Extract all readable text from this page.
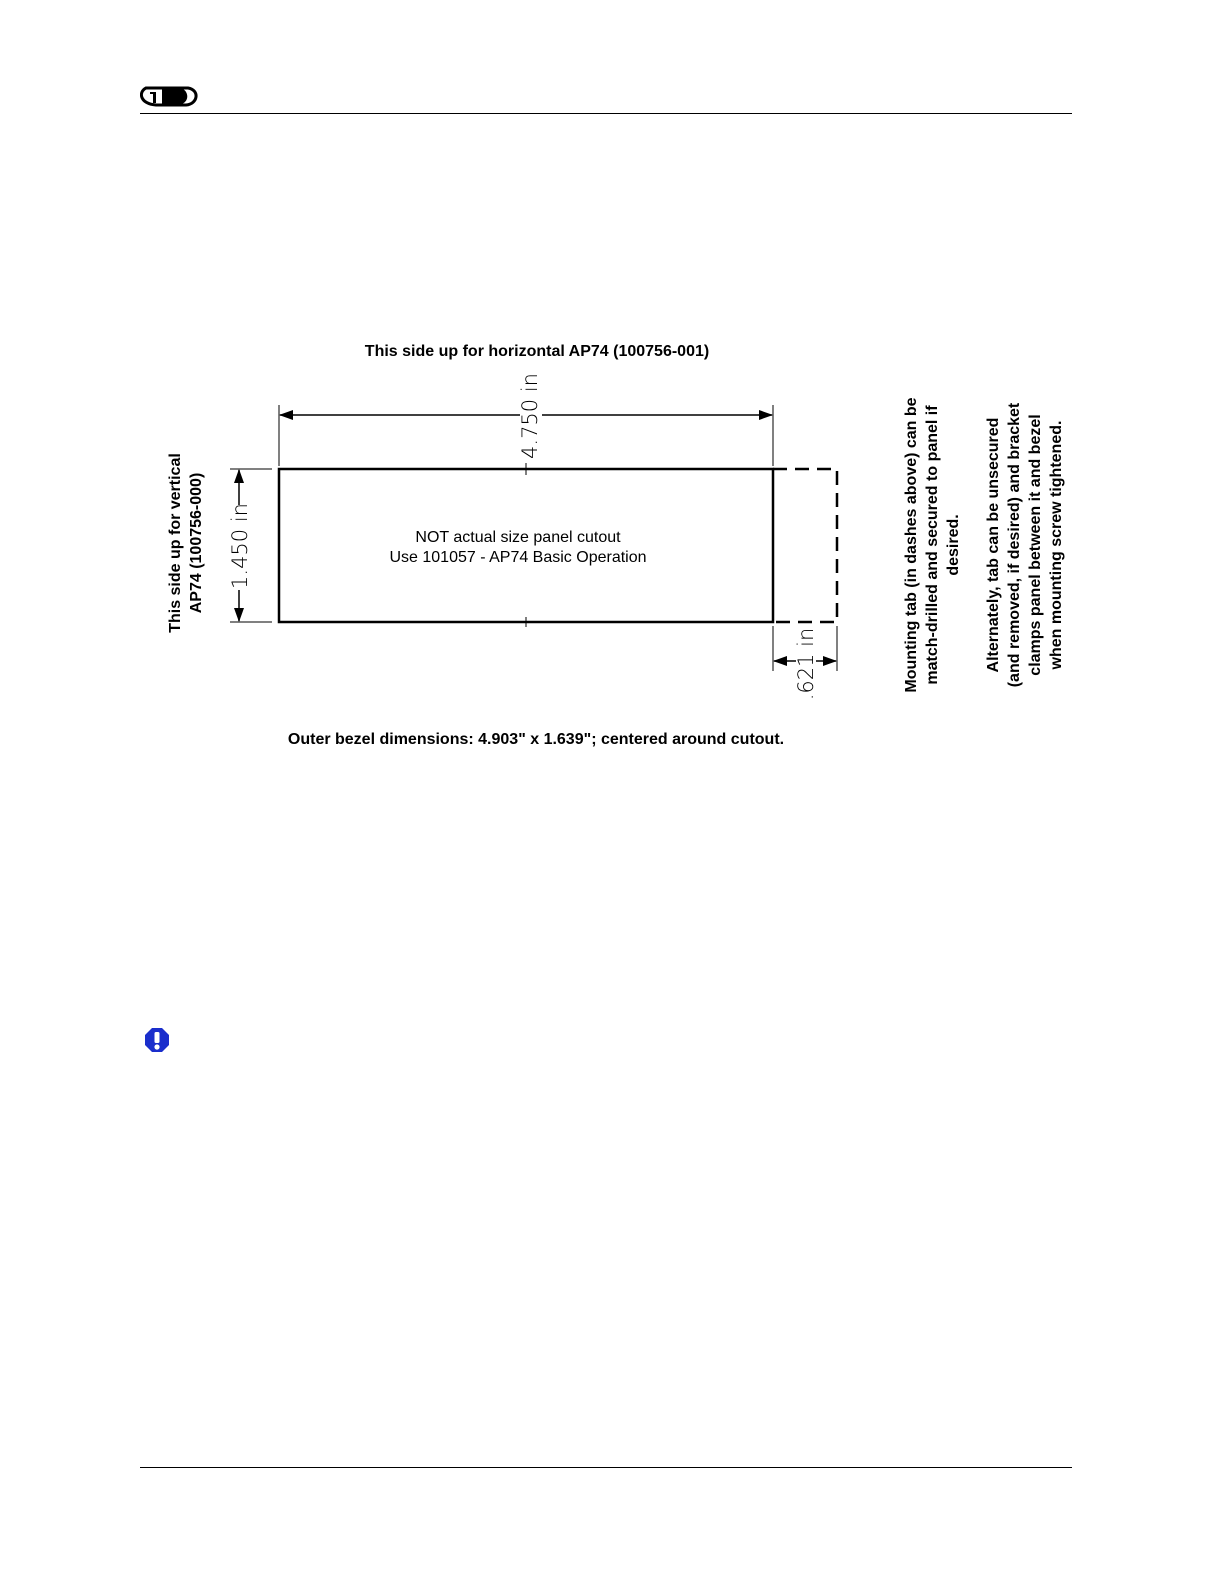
This side up for horizontal AP74 (100756-001)
4.750 in
1.450 in
This side up for vertical AP74 (100756-000)	NOT actual size panel cutout
Use 101057 - AP74 Basic Operation
.621 in	Mounting tab (in dashes above) can be match-drilled and secured to panel if desired. Alternately, tab can be unsecured (and removed, if desired) and bracket clamps panel between it and bezel when mounting screw tightened.
Outer bezel dimensions: 4.903" x 1.639"; centered around cutout.
